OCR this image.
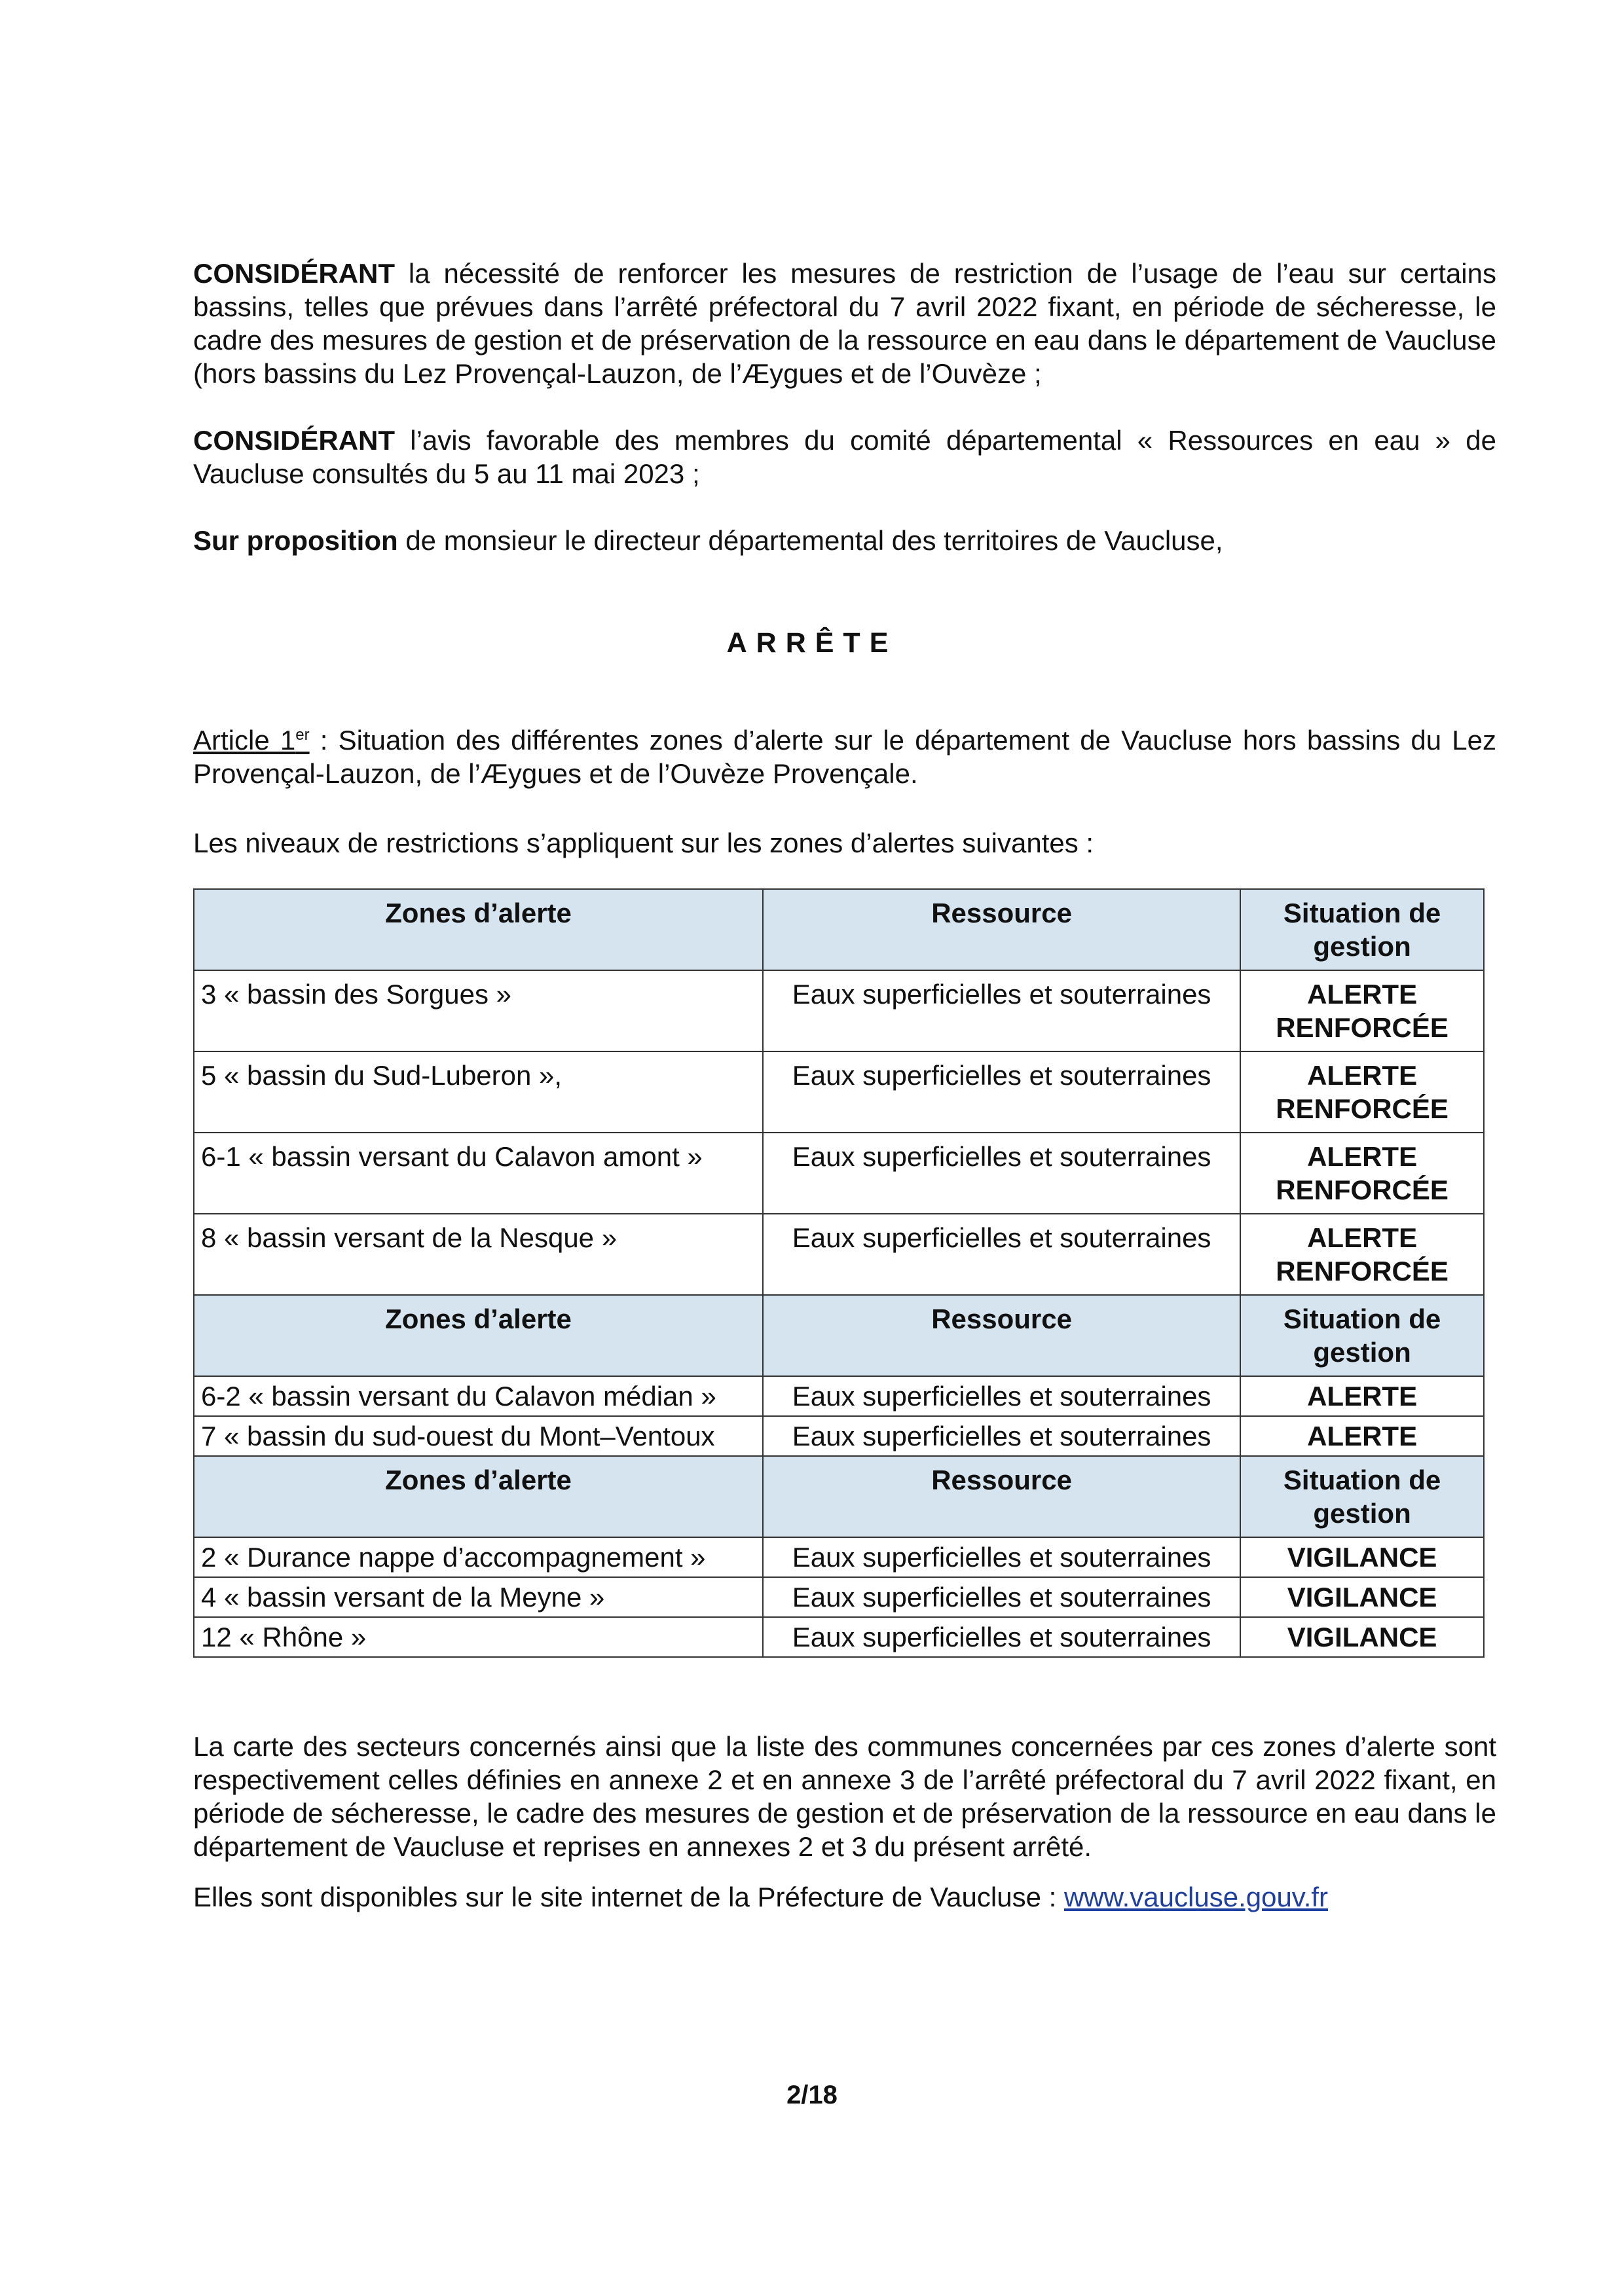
CONSIDÉRANT la nécessité de renforcer les mesures de restriction de l’usage de l’eau sur certains bassins, telles que prévues dans l’arrêté préfectoral du 7 avril 2022 fixant, en période de sécheresse, le cadre des mesures de gestion et de préservation de la ressource en eau dans le département de Vaucluse (hors bassins du Lez Provençal-Lauzon, de l’Æygues et de l’Ouvèze ;

CONSIDÉRANT l’avis favorable des membres du comité départemental « Ressources en eau » de Vaucluse consultés du 5 au 11 mai 2023 ;

Sur proposition de monsieur le directeur départemental des territoires de Vaucluse,

ARRÊTE

Article 1er : Situation des différentes zones d’alerte sur le département de Vaucluse hors bassins du Lez Provençal-Lauzon, de l’Æygues et de l’Ouvèze Provençale.

Les niveaux de restrictions s’appliquent sur les zones d’alertes suivantes :

Zones d’alerte	Ressource	Situation de gestion
3 « bassin des Sorgues »	Eaux superficielles et souterraines	ALERTE RENFORCÉE
5 « bassin du Sud-Luberon »,	Eaux superficielles et souterraines	ALERTE RENFORCÉE
6-1 « bassin versant du Calavon amont »	Eaux superficielles et souterraines	ALERTE RENFORCÉE
8 « bassin versant de la Nesque »	Eaux superficielles et souterraines	ALERTE RENFORCÉE
Zones d’alerte	Ressource	Situation de gestion
6-2 « bassin versant du Calavon médian »	Eaux superficielles et souterraines	ALERTE
7 « bassin du sud-ouest du Mont–Ventoux	Eaux superficielles et souterraines	ALERTE
Zones d’alerte	Ressource	Situation de gestion
2 « Durance nappe d’accompagnement »	Eaux superficielles et souterraines	VIGILANCE
4 « bassin versant de la Meyne »	Eaux superficielles et souterraines	VIGILANCE
12 « Rhône »	Eaux superficielles et souterraines	VIGILANCE

La carte des secteurs concernés ainsi que la liste des communes concernées par ces zones d’alerte sont respectivement celles définies en annexe 2 et en annexe 3 de l’arrêté préfectoral du 7 avril 2022 fixant, en période de sécheresse, le cadre des mesures de gestion et de préservation de la ressource en eau dans le département de Vaucluse et reprises en annexes 2 et 3 du présent arrêté.

Elles sont disponibles sur le site internet de la Préfecture de Vaucluse : www.vaucluse.gouv.fr

2/18
